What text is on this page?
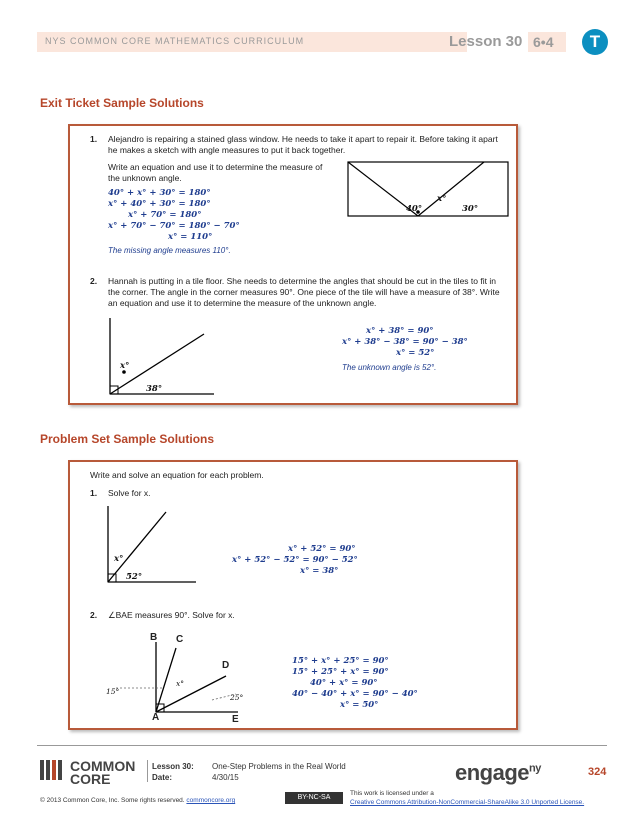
NYS COMMON CORE MATHEMATICS CURRICULUM	Lesson 30 6•4	T
Exit Ticket Sample Solutions
1. Alejandro is repairing a stained glass window. He needs to take it apart to repair it. Before taking it apart he makes a sketch with angle measures to put it back together.
Write an equation and use it to determine the measure of the unknown angle.
40° + x° + 30° = 180°
x° + 40° + 30° = 180°
x° + 70° = 180°
x° + 70° − 70° = 180° − 70°
x° = 110°
The missing angle measures 110°.
x°
40°	30°
2. Hannah is putting in a tile floor. She needs to determine the angles that should be cut in the tiles to fit in the corner. The angle in the corner measures 90°. One piece of the tile will have a measure of 38°. Write an equation and use it to determine the measure of the unknown angle.
x°
38°
x° + 38° = 90°
x° + 38° − 38° = 90° − 38°
x° = 52°
The unknown angle is 52°.
Problem Set Sample Solutions
Write and solve an equation for each problem.
1. Solve for x.
x°
52°
x° + 52° = 90°
x° + 52° − 52° = 90° − 52°
x° = 38°
2. ∠BAE measures 90°. Solve for x.
B C
D
A	E
x°
15°
25°
15° + x° + 25° = 90°
15° + 25° + x° = 90°
40° + x° = 90°
40° − 40° + x° = 90° − 40°
x° = 50°
COMMON
CORE
Lesson 30: One-Step Problems in the Real World
Date:	4/30/15	engage$^{ny}$	324
© 2013 Common Core, Inc. Some rights reserved. commoncore.org	BY-NC-SA
This work is licensed under a
Creative Commons Attribution-NonCommercial-ShareAlike 3.0 Unported License.
